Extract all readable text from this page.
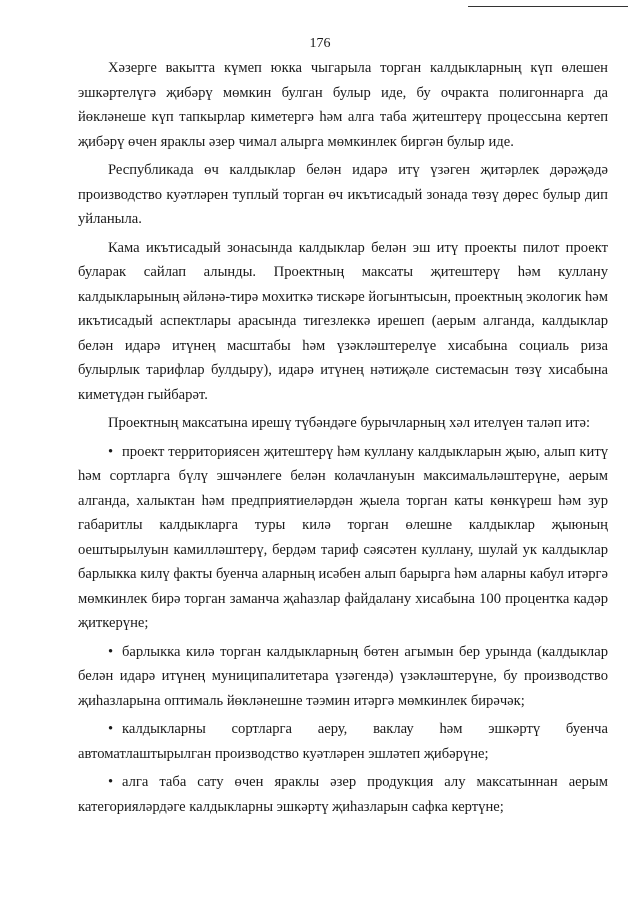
176

Хәзерге вакытта күмеп юкка чыгарыла торган калдыкларның күп өлешен эшкәртелүгә җибәрү мөмкин булган булыр иде, бу очракта полигоннарга да йөкләнеше күп тапкырлар киметергә һәм алга таба җитештерү процессына кертеп җибәрү өчен яраклы әзер чимал алырга мөмкинлек биргән булыр иде.

Республикада өч калдыклар белән идарә итү үзәген җитәрлек дәрәҗәдә производство куәтләрен туплый торган өч икътисадый зонада төзү дөрес булыр дип уйланыла.

Кама икътисадый зонасында калдыклар белән эш итү проекты пилот проект буларак сайлап алынды. Проектның максаты җитештерү һәм куллану калдыкларының әйләнә-тирә мохиткә тискәре йогынтысын, проектның экологик һәм икътисадый аспектлары арасында тигезлеккә ирешеп (аерым алганда, калдыклар белән идарә итүнең масштабы һәм үзәкләштерелүе хисабына социаль риза булырлык тарифлар булдыру), идарә итүнең нәтиҗәле системасын төзү хисабына киметүдән гыйбарәт.

Проектның максатына ирешү түбәндәге бурычларның хәл ителүен таләп итә:

• проект территориясен җитештерү һәм куллану калдыкларын җыю, алып китү һәм сортларга бүлү эшчәнлеге белән колачлануын максимальләштерүне, аерым алганда, халыктан һәм предприятиеләрдән җыела торган каты көнкүреш һәм зур габаритлы калдыкларга туры килә торган өлешне калдыклар җыюның оештырылуын камилләштерү, бердәм тариф сәясәтен куллану, шулай ук калдыклар барлыкка килү факты буенча аларның исәбен алып барырга һәм аларны кабул итәргә мөмкинлек бирә торган заманча җаһазлар файдалану хисабына 100 процентка кадәр җиткерүне;

• барлыкка килә торган калдыкларның бөтен агымын бер урында (калдыклар белән идарә итүнең муниципалитетара үзәгендә) үзәкләштерүне, бу производство җиһазларына оптималь йөкләнешне тәэмин итәргә мөмкинлек бирәчәк;

• калдыкларны сортларга аеру, ваклау һәм эшкәртү буенча автоматлаштырылган производство куәтләрен эшләтеп җибәрүне;

• алга таба сату өчен яраклы әзер продукция алу максатыннан аерым категорияләрдәге калдыкларны эшкәртү җиһазларын сафка кертүне;
